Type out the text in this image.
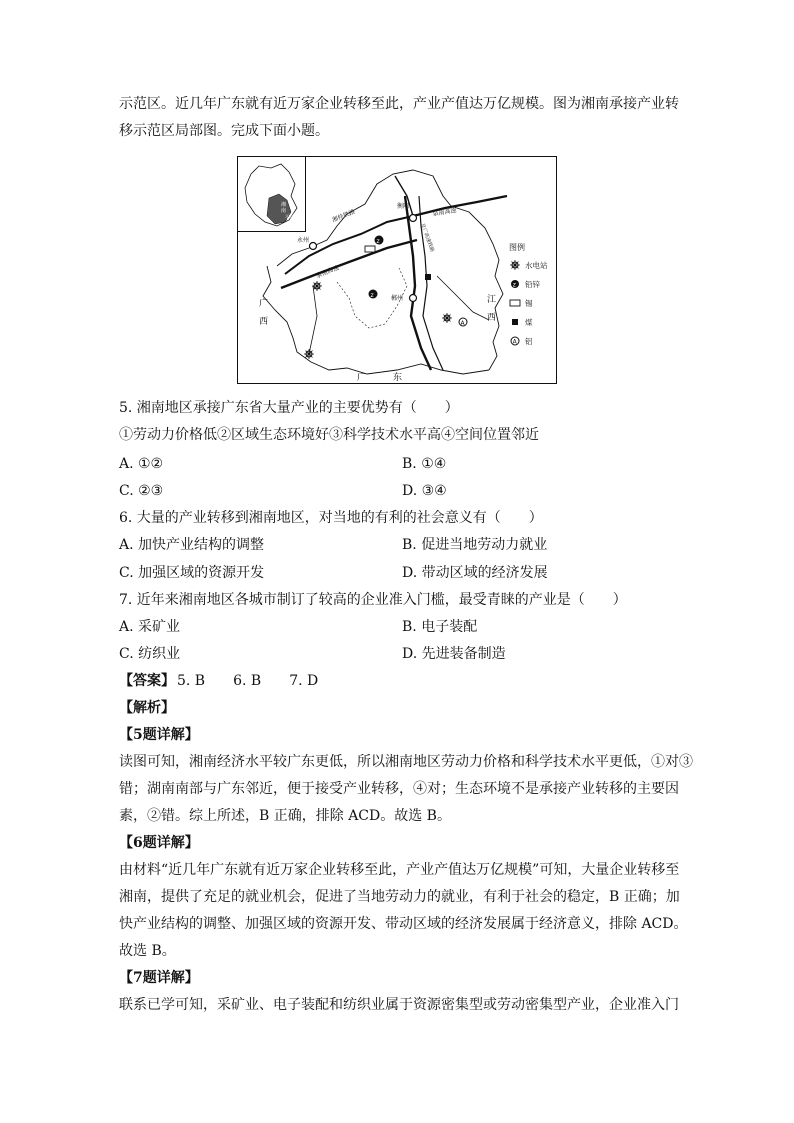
示范区。近几年广东就有近万家企业转移至此，产业产值达万亿规模。图为湘南承接产业转
移示范区局部图。完成下面小题。
湘
南
示范区
衡阳
永州
郴州
湘桂铁路
泉南高速
泉南高速
京广高速铁路
广
西
江
西
广	东
z
z
A
图例
水电站
z 铅锌
锡
煤
A 铝
5. 湘南地区承接广东省大量产业的主要优势有（　　）
①劳动力价格低②区域生态环境好③科学技术水平高④空间位置邻近
A. ①②	B. ①④
C. ②③	D. ③④
6. 大量的产业转移到湘南地区，对当地的有利的社会意义有（　　）
A. 加快产业结构的调整	B. 促进当地劳动力就业
C. 加强区域的资源开发	D. 带动区域的经济发展
7. 近年来湘南地区各城市制订了较高的企业准入门槛，最受青睐的产业是（　　）
A. 采矿业	B. 电子装配
C. 纺织业	D. 先进装备制造
【答案】 5. B 6. B 7. D
【解析】
【5题详解】
读图可知，湘南经济水平较广东更低，所以湘南地区劳动力价格和科学技术水平更低，①对③
错；湖南南部与广东邻近，便于接受产业转移，④对；生态环境不是承接产业转移的主要因
素，②错。综上所述，B 正确，排除 ACD。故选 B。
【6题详解】
由材料“近几年广东就有近万家企业转移至此，产业产值达万亿规模”可知，大量企业转移至
湘南，提供了充足的就业机会，促进了当地劳动力的就业，有利于社会的稳定，B 正确；加
快产业结构的调整、加强区域的资源开发、带动区域的经济发展属于经济意义，排除 ACD。
故选 B。
【7题详解】
联系已学可知，采矿业、电子装配和纺织业属于资源密集型或劳动密集型产业，企业准入门
